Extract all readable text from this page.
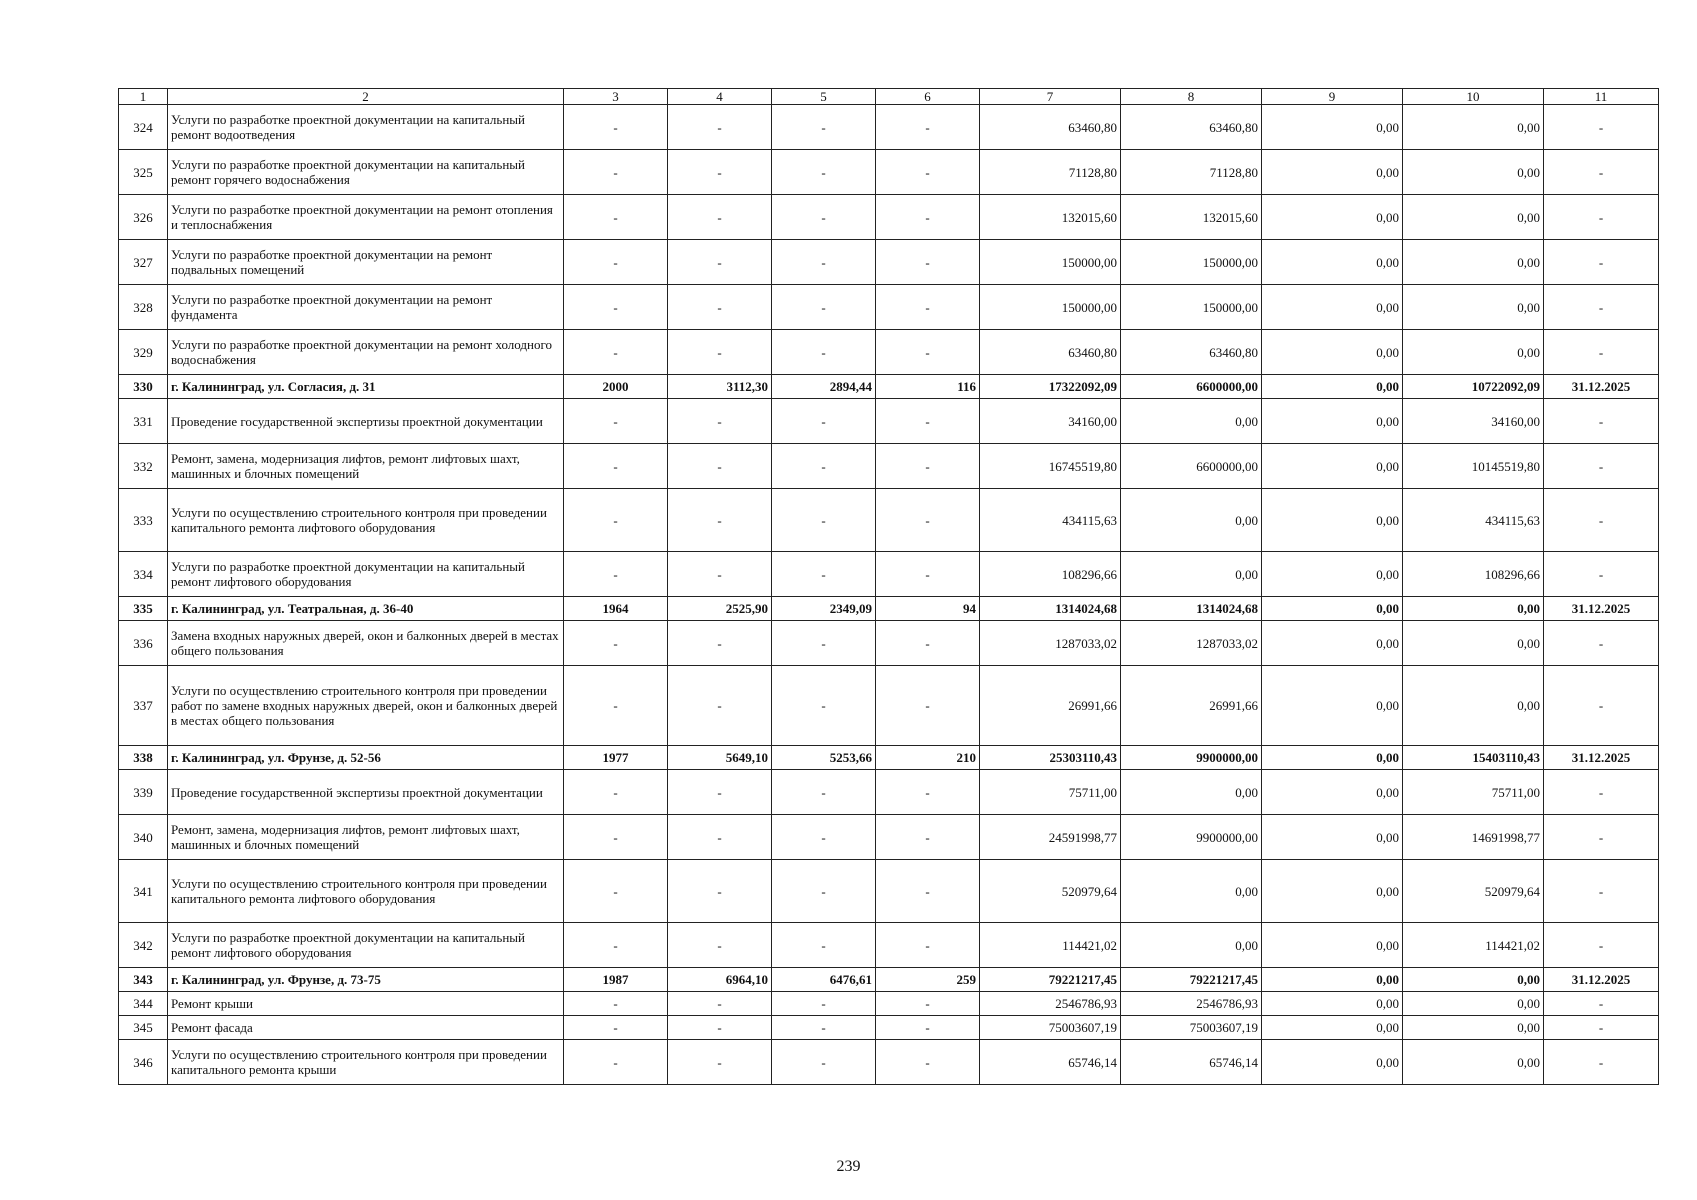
1	2	3	4	5	6	7	8	9	10	11
324	Услуги по разработке проектной документации на капитальный ремонт водоотведения	-	-	-	-	63460,80	63460,80	0,00	0,00	-
325	Услуги по разработке проектной документации на капитальный ремонт горячего водоснабжения	-	-	-	-	71128,80	71128,80	0,00	0,00	-
326	Услуги по разработке проектной документации на ремонт отопления и теплоснабжения	-	-	-	-	132015,60	132015,60	0,00	0,00	-
327	Услуги по разработке проектной документации на ремонт подвальных помещений	-	-	-	-	150000,00	150000,00	0,00	0,00	-
328	Услуги по разработке проектной документации на ремонт фундамента	-	-	-	-	150000,00	150000,00	0,00	0,00	-
329	Услуги по разработке проектной документации на ремонт холодного водоснабжения	-	-	-	-	63460,80	63460,80	0,00	0,00	-
330	г. Калининград, ул. Согласия, д. 31	2000	3112,30	2894,44	116	17322092,09	6600000,00	0,00	10722092,09	31.12.2025
331	Проведение государственной экспертизы проектной документации	-	-	-	-	34160,00	0,00	0,00	34160,00	-
332	Ремонт, замена, модернизация лифтов, ремонт лифтовых шахт, машинных и блочных помещений	-	-	-	-	16745519,80	6600000,00	0,00	10145519,80	-
333	Услуги по осуществлению строительного контроля при проведении капитального ремонта лифтового оборудования	-	-	-	-	434115,63	0,00	0,00	434115,63	-
334	Услуги по разработке проектной документации на капитальный ремонт лифтового оборудования	-	-	-	-	108296,66	0,00	0,00	108296,66	-
335	г. Калининград, ул. Театральная, д. 36-40	1964	2525,90	2349,09	94	1314024,68	1314024,68	0,00	0,00	31.12.2025
336	Замена входных наружных дверей, окон и балконных дверей в местах общего пользования	-	-	-	-	1287033,02	1287033,02	0,00	0,00	-
337	Услуги по осуществлению строительного контроля при проведении работ по замене входных наружных дверей, окон и балконных дверей в местах общего пользования	-	-	-	-	26991,66	26991,66	0,00	0,00	-
338	г. Калининград, ул. Фрунзе, д. 52-56	1977	5649,10	5253,66	210	25303110,43	9900000,00	0,00	15403110,43	31.12.2025
339	Проведение государственной экспертизы проектной документации	-	-	-	-	75711,00	0,00	0,00	75711,00	-
340	Ремонт, замена, модернизация лифтов, ремонт лифтовых шахт, машинных и блочных помещений	-	-	-	-	24591998,77	9900000,00	0,00	14691998,77	-
341	Услуги по осуществлению строительного контроля при проведении капитального ремонта лифтового оборудования	-	-	-	-	520979,64	0,00	0,00	520979,64	-
342	Услуги по разработке проектной документации на капитальный ремонт лифтового оборудования	-	-	-	-	114421,02	0,00	0,00	114421,02	-
343	г. Калининград, ул. Фрунзе, д. 73-75	1987	6964,10	6476,61	259	79221217,45	79221217,45	0,00	0,00	31.12.2025
344	Ремонт крыши	-	-	-	-	2546786,93	2546786,93	0,00	0,00	-
345	Ремонт фасада	-	-	-	-	75003607,19	75003607,19	0,00	0,00	-
346	Услуги по осуществлению строительного контроля при проведении капитального ремонта крыши	-	-	-	-	65746,14	65746,14	0,00	0,00	-
239
